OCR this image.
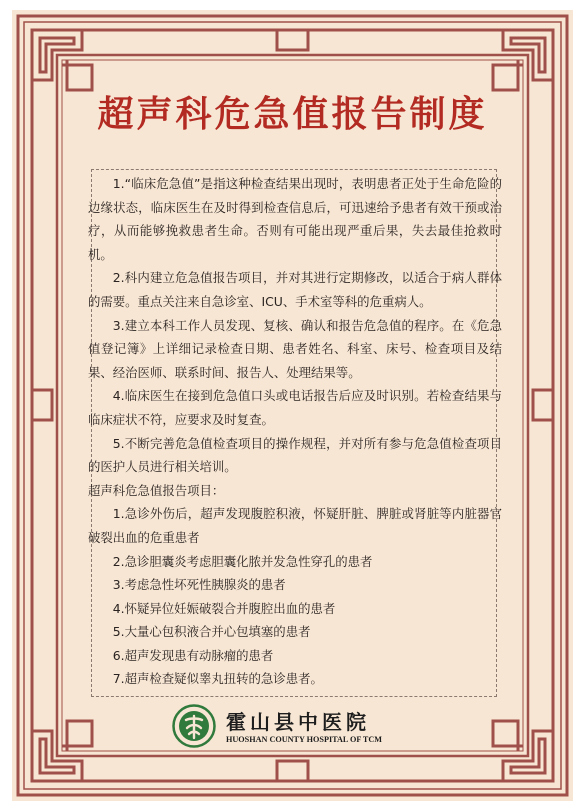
超声科危急值报告制度

1.“临床危急值”是指这种检查结果出现时，表明患者正处于生命危险的边缘状态，临床医生在及时得到检查信息后，可迅速给予患者有效干预或治疗，从而能够挽救患者生命。否则有可能出现严重后果，失去最佳抢救时机。

2.科内建立危急值报告项目，并对其进行定期修改，以适合于病人群体的需要。重点关注来自急诊室、ICU、手术室等科的危重病人。

3.建立本科工作人员发现、复核、确认和报告危急值的程序。在《危急值登记簿》上详细记录检查日期、患者姓名、科室、床号、检查项目及结果、经治医师、联系时间、报告人、处理结果等。

4.临床医生在接到危急值口头或电话报告后应及时识别。若检查结果与临床症状不符，应要求及时复查。

5.不断完善危急值检查项目的操作规程，并对所有参与危急值检查项目的医护人员进行相关培训。

超声科危急值报告项目：

1.急诊外伤后，超声发现腹腔积液，怀疑肝脏、脾脏或肾脏等内脏器官破裂出血的危重患者

2.急诊胆囊炎考虑胆囊化脓并发急性穿孔的患者

3.考虑急性坏死性胰腺炎的患者

4.怀疑异位妊娠破裂合并腹腔出血的患者

5.大量心包积液合并心包填塞的患者

6.超声发现患有动脉瘤的患者

7.超声检查疑似睾丸扭转的急诊患者。

霍山县中医院
HUOSHAN COUNTY HOSPITAL OF TCM
